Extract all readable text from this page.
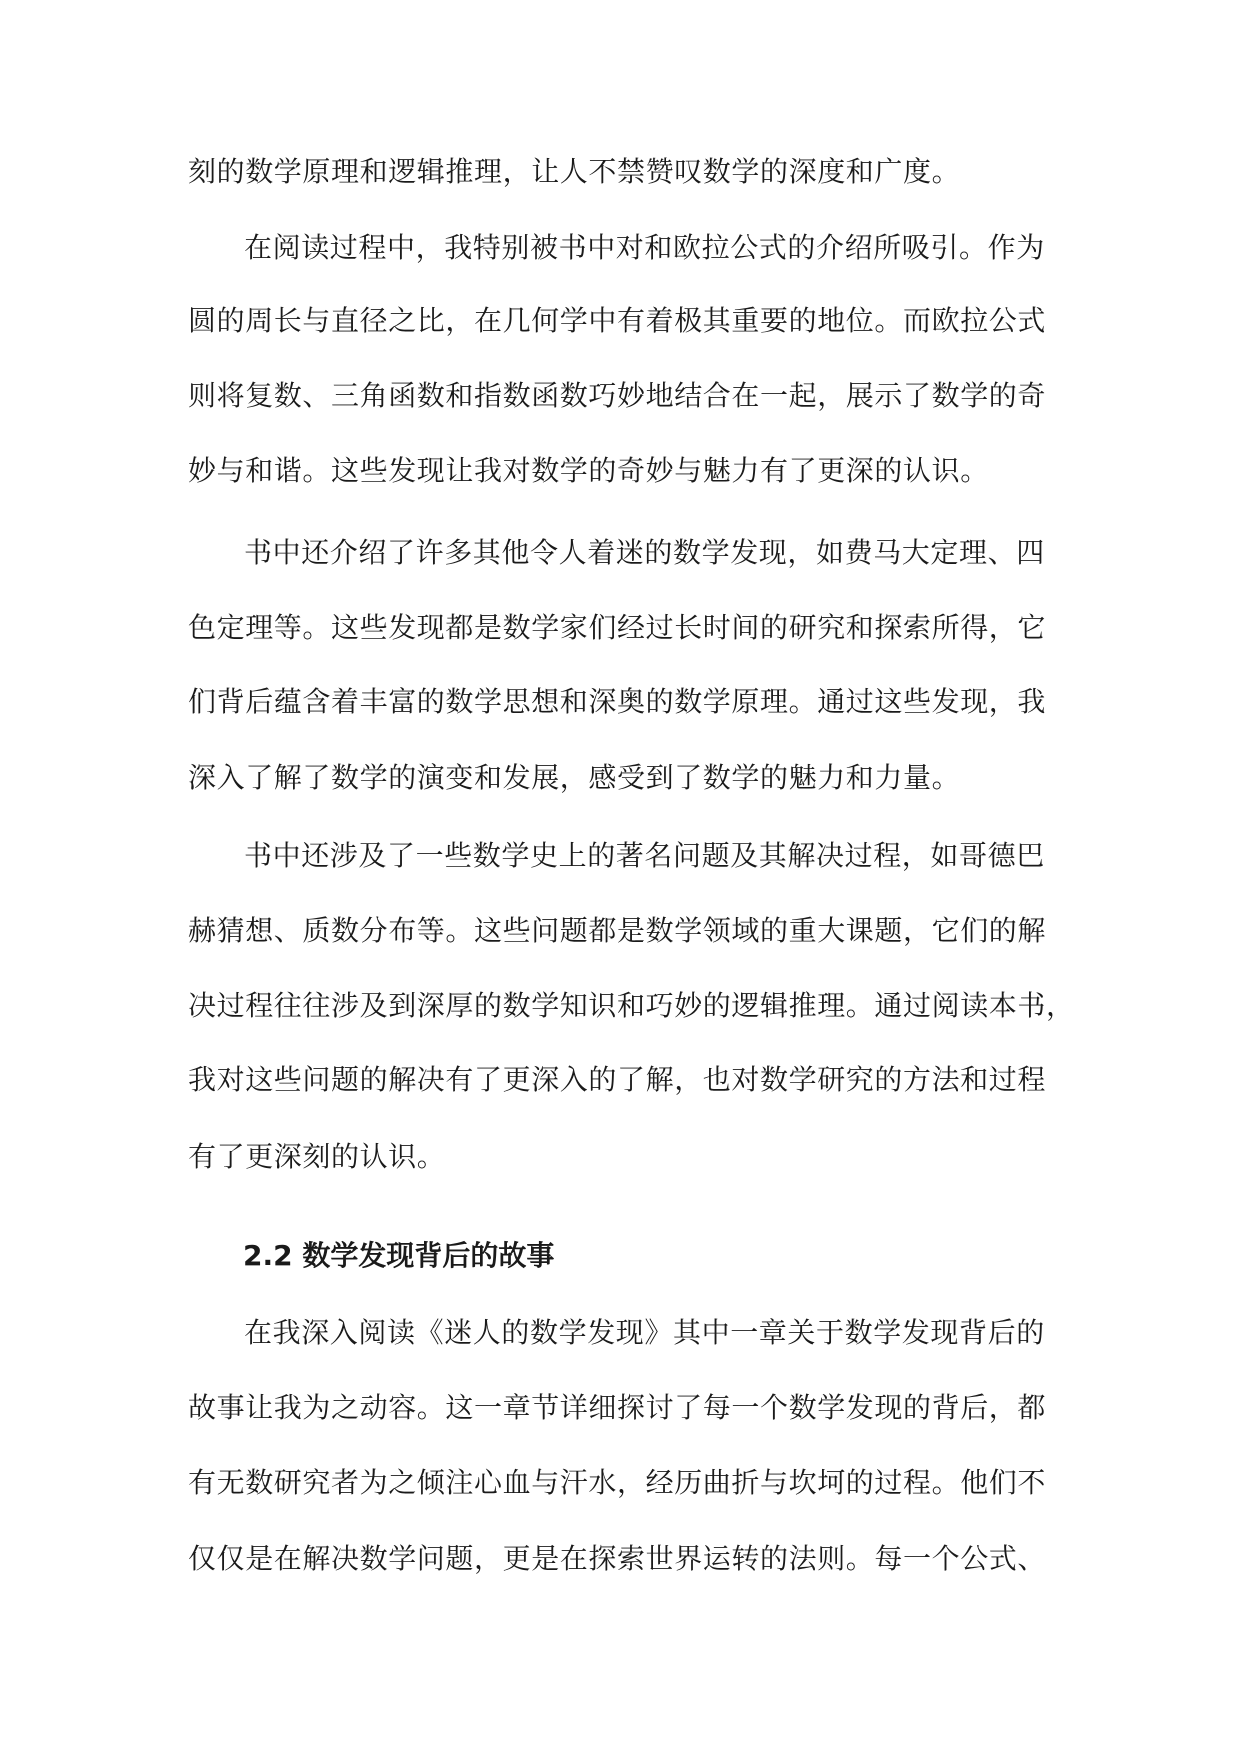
刻的数学原理和逻辑推理，让人不禁赞叹数学的深度和广度。
在阅读过程中，我特别被书中对和欧拉公式的介绍所吸引。作为
圆的周长与直径之比，在几何学中有着极其重要的地位。而欧拉公式
则将复数、三角函数和指数函数巧妙地结合在一起，展示了数学的奇
妙与和谐。这些发现让我对数学的奇妙与魅力有了更深的认识。
书中还介绍了许多其他令人着迷的数学发现，如费马大定理、四
色定理等。这些发现都是数学家们经过长时间的研究和探索所得，它
们背后蕴含着丰富的数学思想和深奥的数学原理。通过这些发现，我
深入了解了数学的演变和发展，感受到了数学的魅力和力量。
书中还涉及了一些数学史上的著名问题及其解决过程，如哥德巴
赫猜想、质数分布等。这些问题都是数学领域的重大课题，它们的解
决过程往往涉及到深厚的数学知识和巧妙的逻辑推理。通过阅读本书，
我对这些问题的解决有了更深入的了解，也对数学研究的方法和过程
有了更深刻的认识。
2.2 数学发现背后的故事
在我深入阅读《迷人的数学发现》其中一章关于数学发现背后的
故事让我为之动容。这一章节详细探讨了每一个数学发现的背后，都
有无数研究者为之倾注心血与汗水，经历曲折与坎坷的过程。他们不
仅仅是在解决数学问题，更是在探索世界运转的法则。每一个公式、
